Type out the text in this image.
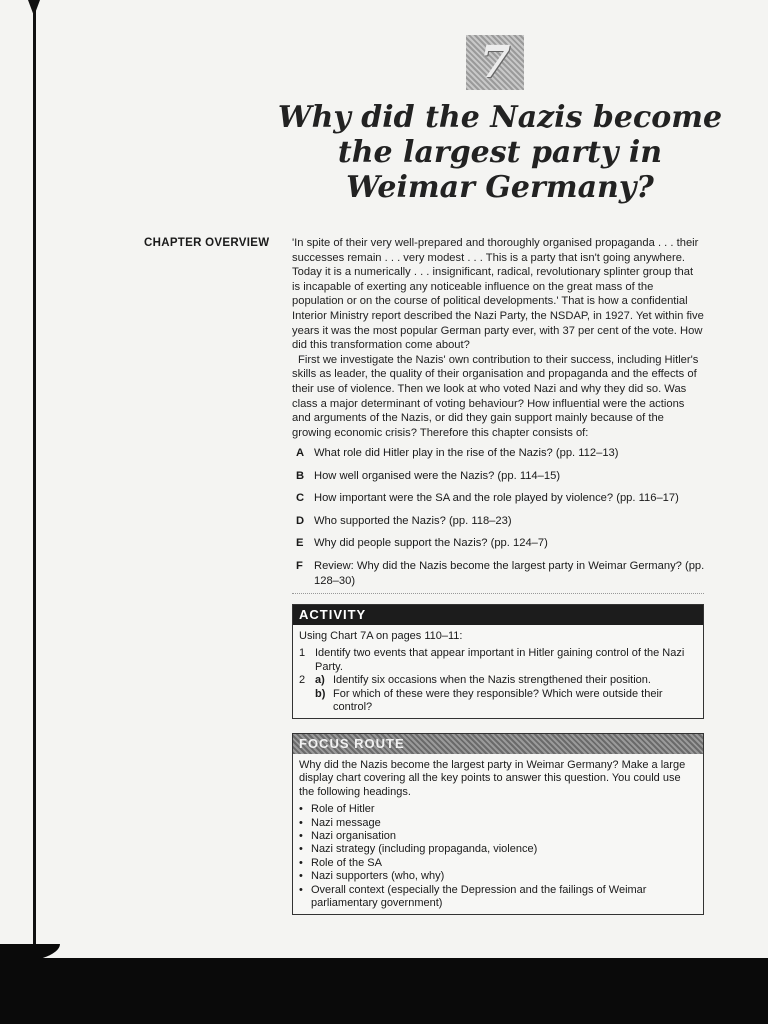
7
Why did the Nazis become the largest party in Weimar Germany?
CHAPTER OVERVIEW 'In spite of their very well-prepared and thoroughly organised propaganda . . . their successes remain . . . very modest . . . This is a party that isn't going anywhere. Today it is a numerically . . . insignificant, radical, revolutionary splinter group that is incapable of exerting any noticeable influence on the great mass of the population or on the course of political developments.' That is how a confidential Interior Ministry report described the Nazi Party, the NSDAP, in 1927. Yet within five years it was the most popular German party ever, with 37 per cent of the vote. How did this transformation come about?

First we investigate the Nazis' own contribution to their success, including Hitler's skills as leader, the quality of their organisation and propaganda and the effects of their use of violence. Then we look at who voted Nazi and why they did so. Was class a major determinant of voting behaviour? How influential were the actions and arguments of the Nazis, or did they gain support mainly because of the growing economic crisis? Therefore this chapter consists of:

A What role did Hitler play in the rise of the Nazis? (pp. 112–13)
B How well organised were the Nazis? (pp. 114–15)
C How important were the SA and the role played by violence? (pp. 116–17)
D Who supported the Nazis? (pp. 118–23)
E Why did people support the Nazis? (pp. 124–7)
F Review: Why did the Nazis become the largest party in Weimar Germany? (pp. 128–30)
ACTIVITY

Using Chart 7A on pages 110–11:

1 Identify two events that appear important in Hitler gaining control of the Nazi Party.
2 a) Identify six occasions when the Nazis strengthened their position.
b) For which of these were they responsible? Which were outside their control?
FOCUS ROUTE

Why did the Nazis become the largest party in Weimar Germany? Make a large display chart covering all the key points to answer this question. You could use the following headings.

• Role of Hitler
• Nazi message
• Nazi organisation
• Nazi strategy (including propaganda, violence)
• Role of the SA
• Nazi supporters (who, why)
• Overall context (especially the Depression and the failings of Weimar parliamentary government)
